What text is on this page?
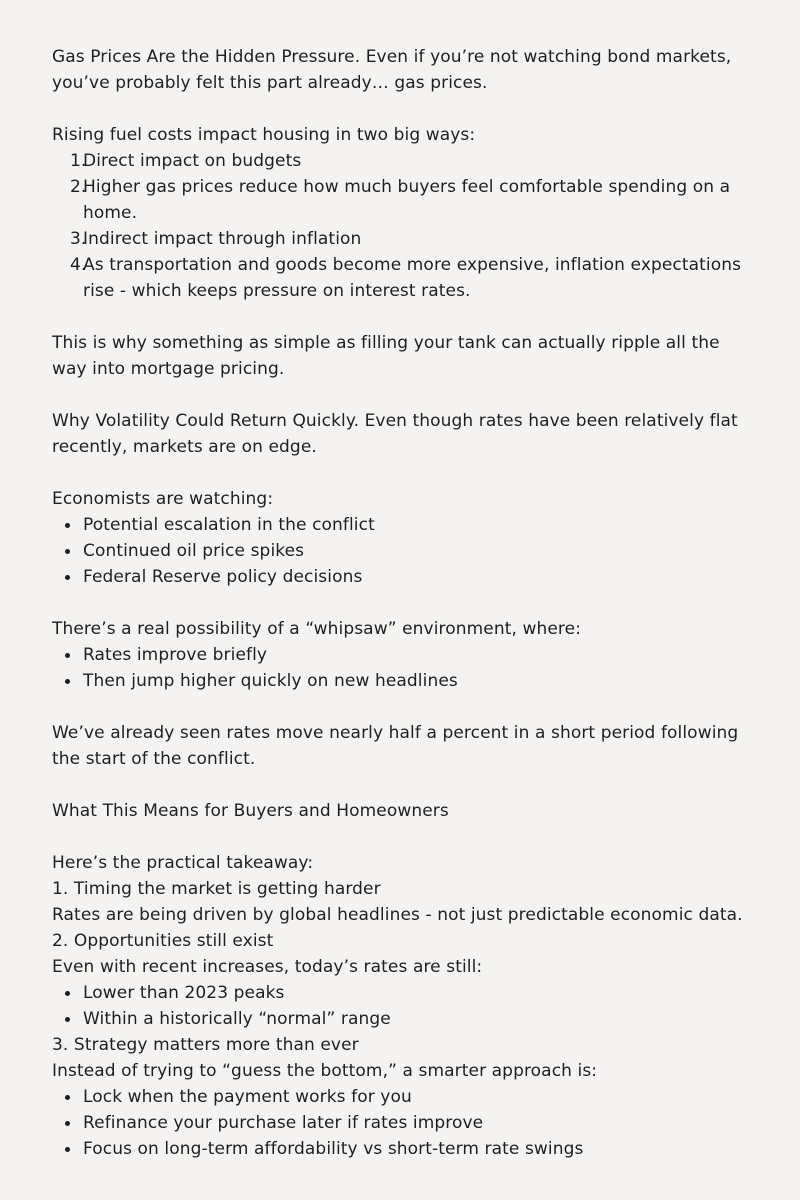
Gas Prices Are the Hidden Pressure. Even if you’re not watching bond markets, you’ve probably felt this part already… gas prices.

Rising fuel costs impact housing in two big ways:

1.
Direct impact on budgets
2.
Higher gas prices reduce how much buyers feel comfortable spending on a home.
3.
Indirect impact through inflation
4.
As transportation and goods become more expensive, inflation expectations rise - which keeps pressure on interest rates.

This is why something as simple as filling your tank can actually ripple all the way into mortgage pricing.

Why Volatility Could Return Quickly. Even though rates have been relatively flat recently, markets are on edge.

Economists are watching:

Potential escalation in the conflict
Continued oil price spikes
Federal Reserve policy decisions

There’s a real possibility of a “whipsaw” environment, where:

Rates improve briefly
Then jump higher quickly on new headlines

We’ve already seen rates move nearly half a percent in a short period following the start of the conflict.

What This Means for Buyers and Homeowners

Here’s the practical takeaway:

1. Timing the market is getting harder

Rates are being driven by global headlines - not just predictable economic data.

2. Opportunities still exist

Even with recent increases, today’s rates are still:

Lower than 2023 peaks
Within a historically “normal” range

3. Strategy matters more than ever

Instead of trying to “guess the bottom,” a smarter approach is:

Lock when the payment works for you
Refinance your purchase later if rates improve
Focus on long-term affordability vs short-term rate swings
